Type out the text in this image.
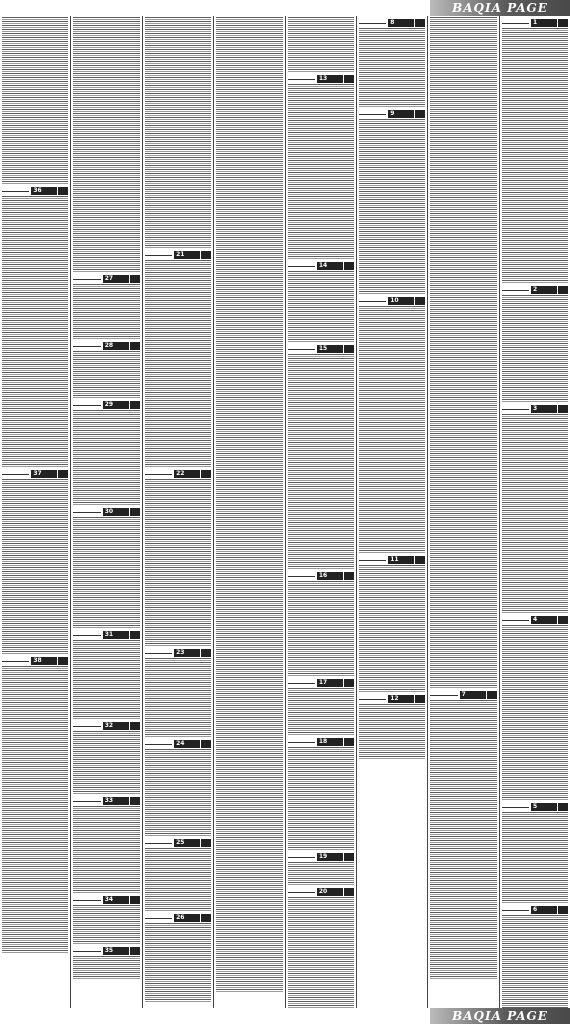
BAQIA PAGE
1
2
3
4
5
6
7
8
9
10
11
12
13
14
15
16
17
18
19
20
21
22
23
24
25
26
27
28
29
30
31
32
33
34
35
36
37
38
BAQIA PAGE
